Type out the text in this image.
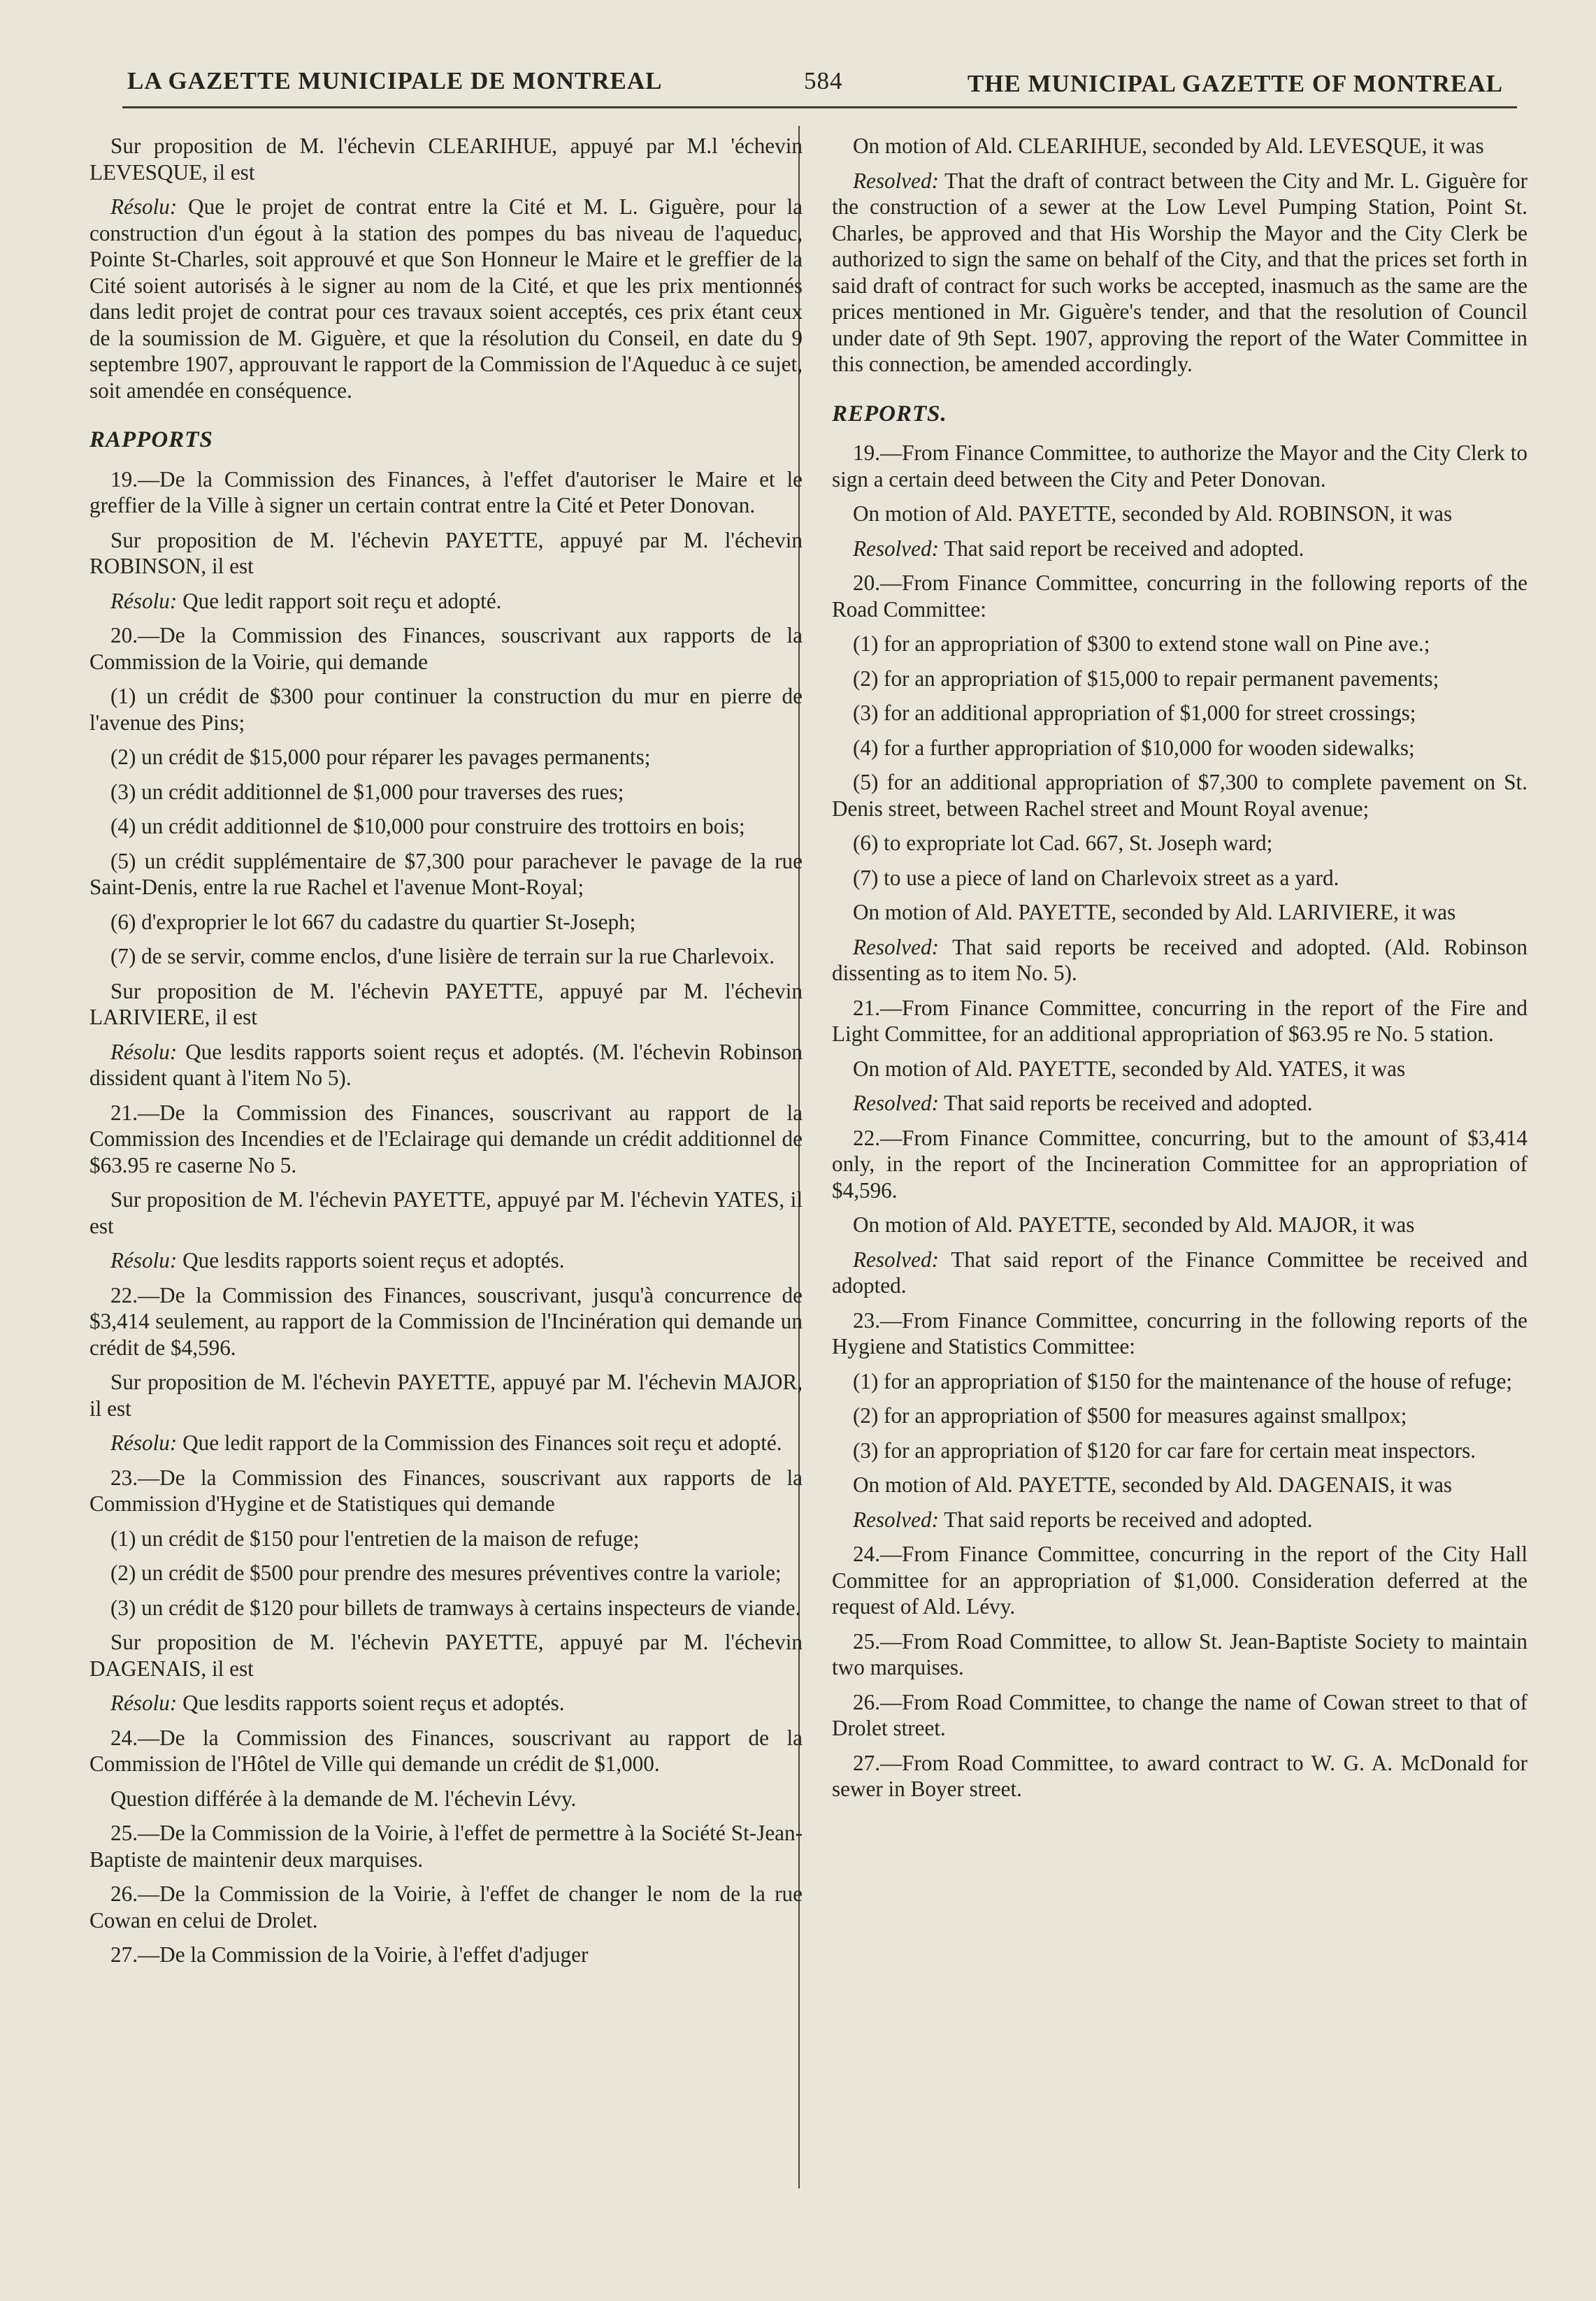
LA GAZETTE MUNICIPALE DE MONTREAL	584	THE MUNICIPAL GAZETTE OF MONTREAL

Sur proposition de M. l'échevin CLEARIHUE, appuyé par M.l 'échevin LEVESQUE, il est

Résolu: Que le projet de contrat entre la Cité et M. L. Giguère, pour la construction d'un égout à la station des pompes du bas niveau de l'aqueduc, Pointe St-Charles, soit approuvé et que Son Honneur le Maire et le greffier de la Cité soient autorisés à le signer au nom de la Cité, et que les prix mentionnés dans ledit projet de contrat pour ces travaux soient acceptés, ces prix étant ceux de la soumission de M. Giguère, et que la résolution du Conseil, en date du 9 septembre 1907, approuvant le rapport de la Commission de l'Aqueduc à ce sujet, soit amendée en conséquence.

RAPPORTS

19.—De la Commission des Finances, à l'effet d'autoriser le Maire et le greffier de la Ville à signer un certain contrat entre la Cité et Peter Donovan.

Sur proposition de M. l'échevin PAYETTE, appuyé par M. l'échevin ROBINSON, il est

Résolu: Que ledit rapport soit reçu et adopté.

20.—De la Commission des Finances, souscrivant aux rapports de la Commission de la Voirie, qui demande

(1) un crédit de $300 pour continuer la construction du mur en pierre de l'avenue des Pins;

(2) un crédit de $15,000 pour réparer les pavages permanents;

(3) un crédit additionnel de $1,000 pour traverses des rues;

(4) un crédit additionnel de $10,000 pour construire des trottoirs en bois;

(5) un crédit supplémentaire de $7,300 pour parachever le pavage de la rue Saint-Denis, entre la rue Rachel et l'avenue Mont-Royal;

(6) d'exproprier le lot 667 du cadastre du quartier St-Joseph;

(7) de se servir, comme enclos, d'une lisière de terrain sur la rue Charlevoix.

Sur proposition de M. l'échevin PAYETTE, appuyé par M. l'échevin LARIVIERE, il est

Résolu: Que lesdits rapports soient reçus et adoptés. (M. l'échevin Robinson dissident quant à l'item No 5).

21.—De la Commission des Finances, souscrivant au rapport de la Commission des Incendies et de l'Eclairage qui demande un crédit additionnel de $63.95 re caserne No 5.

Sur proposition de M. l'échevin PAYETTE, appuyé par M. l'échevin YATES, il est

Résolu: Que lesdits rapports soient reçus et adoptés.

22.—De la Commission des Finances, souscrivant, jusqu'à concurrence de $3,414 seulement, au rapport de la Commission de l'Incinération qui demande un crédit de $4,596.

Sur proposition de M. l'échevin PAYETTE, appuyé par M. l'échevin MAJOR, il est

Résolu: Que ledit rapport de la Commission des Finances soit reçu et adopté.

23.—De la Commission des Finances, souscrivant aux rapports de la Commission d'Hygine et de Statistiques qui demande

(1) un crédit de $150 pour l'entretien de la maison de refuge;

(2) un crédit de $500 pour prendre des mesures préventives contre la variole;

(3) un crédit de $120 pour billets de tramways à certains inspecteurs de viande.

Sur proposition de M. l'échevin PAYETTE, appuyé par M. l'échevin DAGENAIS, il est

Résolu: Que lesdits rapports soient reçus et adoptés.

24.—De la Commission des Finances, souscrivant au rapport de la Commission de l'Hôtel de Ville qui demande un crédit de $1,000.

Question différée à la demande de M. l'échevin Lévy.

25.—De la Commission de la Voirie, à l'effet de permettre à la Société St-Jean-Baptiste de maintenir deux marquises.

26.—De la Commission de la Voirie, à l'effet de changer le nom de la rue Cowan en celui de Drolet.

27.—De la Commission de la Voirie, à l'effet d'adjuger

On motion of Ald. CLEARIHUE, seconded by Ald. LEVESQUE, it was

Resolved: That the draft of contract between the City and Mr. L. Giguère for the construction of a sewer at the Low Level Pumping Station, Point St. Charles, be approved and that His Worship the Mayor and the City Clerk be authorized to sign the same on behalf of the City, and that the prices set forth in said draft of contract for such works be accepted, inasmuch as the same are the prices mentioned in Mr. Giguère's tender, and that the resolution of Council under date of 9th Sept. 1907, approving the report of the Water Committee in this connection, be amended accordingly.

REPORTS.

19.—From Finance Committee, to authorize the Mayor and the City Clerk to sign a certain deed between the City and Peter Donovan.

On motion of Ald. PAYETTE, seconded by Ald. ROBINSON, it was

Resolved: That said report be received and adopted.

20.—From Finance Committee, concurring in the following reports of the Road Committee:

(1) for an appropriation of $300 to extend stone wall on Pine ave.;

(2) for an appropriation of $15,000 to repair permanent pavements;

(3) for an additional appropriation of $1,000 for street crossings;

(4) for a further appropriation of $10,000 for wooden sidewalks;

(5) for an additional appropriation of $7,300 to complete pavement on St. Denis street, between Rachel street and Mount Royal avenue;

(6) to expropriate lot Cad. 667, St. Joseph ward;

(7) to use a piece of land on Charlevoix street as a yard.

On motion of Ald. PAYETTE, seconded by Ald. LARIVIERE, it was

Resolved: That said reports be received and adopted. (Ald. Robinson dissenting as to item No. 5).

21.—From Finance Committee, concurring in the report of the Fire and Light Committee, for an additional appropriation of $63.95 re No. 5 station.

On motion of Ald. PAYETTE, seconded by Ald. YATES, it was

Resolved: That said reports be received and adopted.

22.—From Finance Committee, concurring, but to the amount of $3,414 only, in the report of the Incineration Committee for an appropriation of $4,596.

On motion of Ald. PAYETTE, seconded by Ald. MAJOR, it was

Resolved: That said report of the Finance Committee be received and adopted.

23.—From Finance Committee, concurring in the following reports of the Hygiene and Statistics Committee:

(1) for an appropriation of $150 for the maintenance of the house of refuge;

(2) for an appropriation of $500 for measures against smallpox;

(3) for an appropriation of $120 for car fare for certain meat inspectors.

On motion of Ald. PAYETTE, seconded by Ald. DAGENAIS, it was

Resolved: That said reports be received and adopted.

24.—From Finance Committee, concurring in the report of the City Hall Committee for an appropriation of $1,000. Consideration deferred at the request of Ald. Lévy.

25.—From Road Committee, to allow St. Jean-Baptiste Society to maintain two marquises.

26.—From Road Committee, to change the name of Cowan street to that of Drolet street.

27.—From Road Committee, to award contract to W. G. A. McDonald for sewer in Boyer street.
